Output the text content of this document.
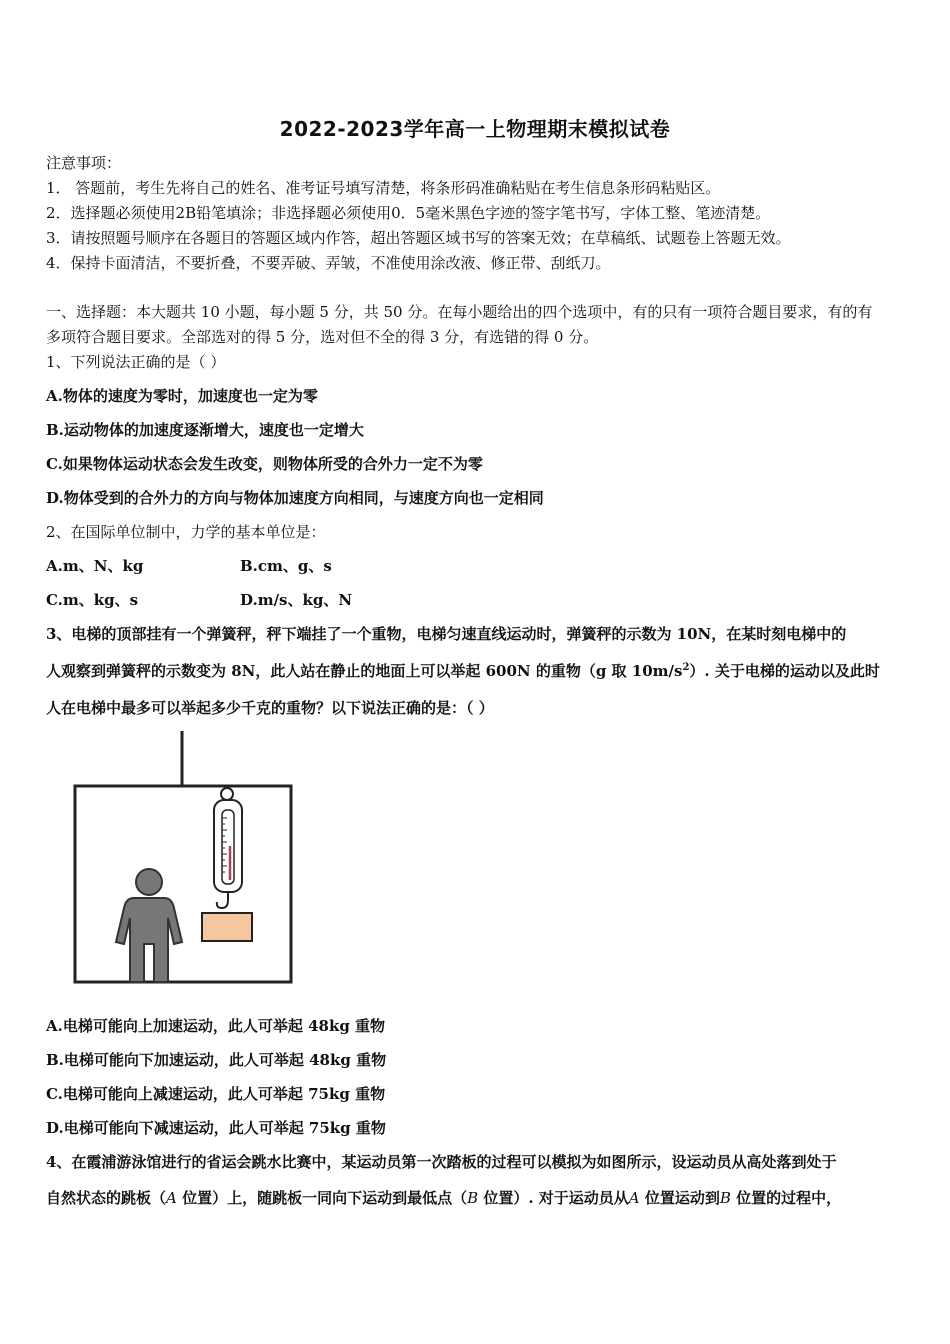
2022-2023学年高一上物理期末模拟试卷
注意事项：
1． 答题前，考生先将自己的姓名、准考证号填写清楚，将条形码准确粘贴在考生信息条形码粘贴区。
2．选择题必须使用2B铅笔填涂；非选择题必须使用0．5毫米黑色字迹的签字笔书写，字体工整、笔迹清楚。
3．请按照题号顺序在各题目的答题区域内作答，超出答题区域书写的答案无效；在草稿纸、试题卷上答题无效。
4．保持卡面清洁，不要折叠，不要弄破、弄皱，不准使用涂改液、修正带、刮纸刀。
一、选择题：本大题共 10 小题，每小题 5 分，共 50 分。在每小题给出的四个选项中，有的只有一项符合题目要求，有的有
多项符合题目要求。全部选对的得 5 分，选对但不全的得 3 分，有选错的得 0 分。
1、下列说法正确的是（ ）
A.物体的速度为零时，加速度也一定为零
B.运动物体的加速度逐渐增大，速度也一定增大
C.如果物体运动状态会发生改变，则物体所受的合外力一定不为零
D.物体受到的合外力的方向与物体加速度方向相同，与速度方向也一定相同
2、在国际单位制中，力学的基本单位是：
A.m、N、kg	B.cm、g、s
C.m、kg、s	D.m/s、kg、N
3、电梯的顶部挂有一个弹簧秤，秤下端挂了一个重物，电梯匀速直线运动时，弹簧秤的示数为 10N，在某时刻电梯中的
人观察到弹簧秤的示数变为 8N，此人站在静止的地面上可以举起 600N 的重物（g 取 $10m/s^2$）. 关于电梯的运动以及此时
人在电梯中最多可以举起多少千克的重物？以下说法正确的是：（ ）
A.电梯可能向上加速运动，此人可举起 48kg 重物
B.电梯可能向下加速运动，此人可举起 48kg 重物
C.电梯可能向上减速运动，此人可举起 75kg 重物
D.电梯可能向下减速运动，此人可举起 75kg 重物
4、在霞浦游泳馆进行的省运会跳水比赛中，某运动员第一次踏板的过程可以模拟为如图所示，设运动员从高处落到处于
自然状态的跳板（A 位置）上，随跳板一同向下运动到最低点（B 位置）. 对于运动员从A 位置运动到B 位置的过程中，
